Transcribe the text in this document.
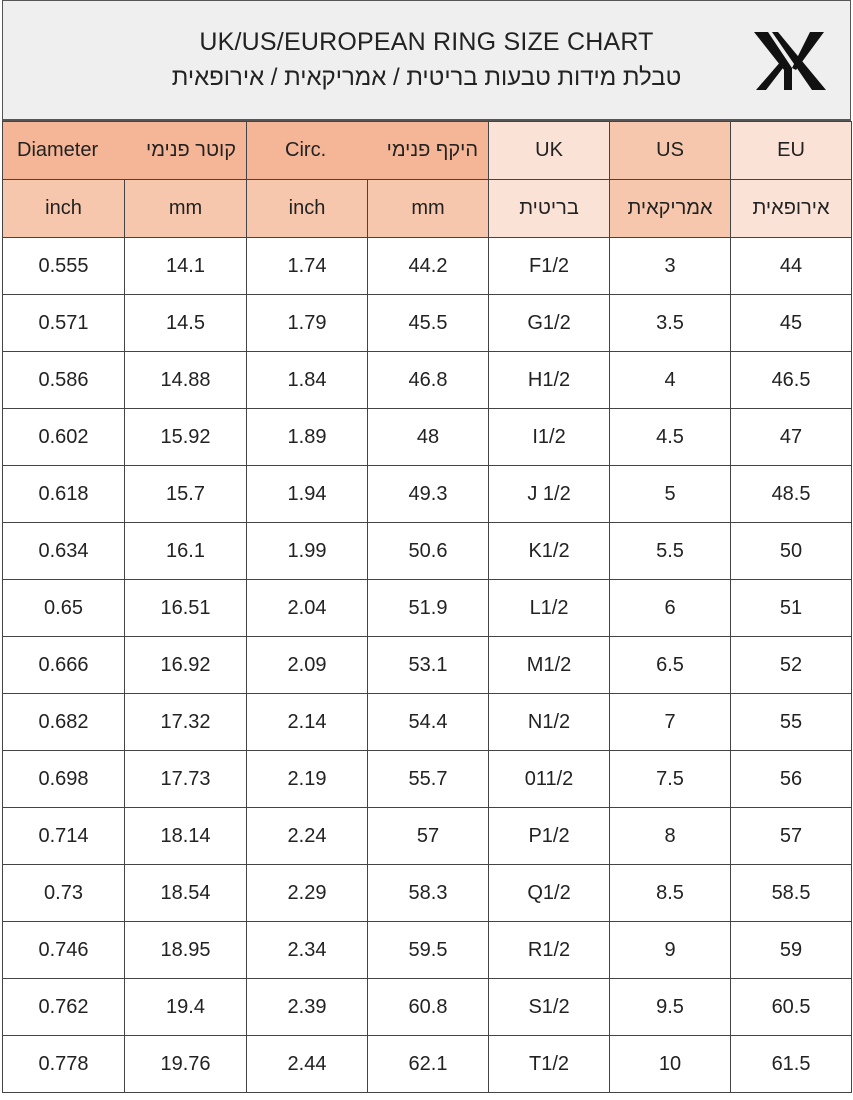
UK/US/EUROPEAN RING SIZE CHART
טבלת מידות טבעות בריטית / אמריקאית / אירופאית
Diameter קוטר פנימי		Circ. היקף פנימי		UK	US	EU
inch	mm	inch	mm	בריטית	אמריקאית	אירופאית
0.555	14.1	1.74	44.2	F1/2	3	44
0.571	14.5	1.79	45.5	G1/2	3.5	45
0.586	14.88	1.84	46.8	H1/2	4	46.5
0.602	15.92	1.89	48	I1/2	4.5	47
0.618	15.7	1.94	49.3	J 1/2	5	48.5
0.634	16.1	1.99	50.6	K1/2	5.5	50
0.65	16.51	2.04	51.9	L1/2	6	51
0.666	16.92	2.09	53.1	M1/2	6.5	52
0.682	17.32	2.14	54.4	N1/2	7	55
0.698	17.73	2.19	55.7	011/2	7.5	56
0.714	18.14	2.24	57	P1/2	8	57
0.73	18.54	2.29	58.3	Q1/2	8.5	58.5
0.746	18.95	2.34	59.5	R1/2	9	59
0.762	19.4	2.39	60.8	S1/2	9.5	60.5
0.778	19.76	2.44	62.1	T1/2	10	61.5
